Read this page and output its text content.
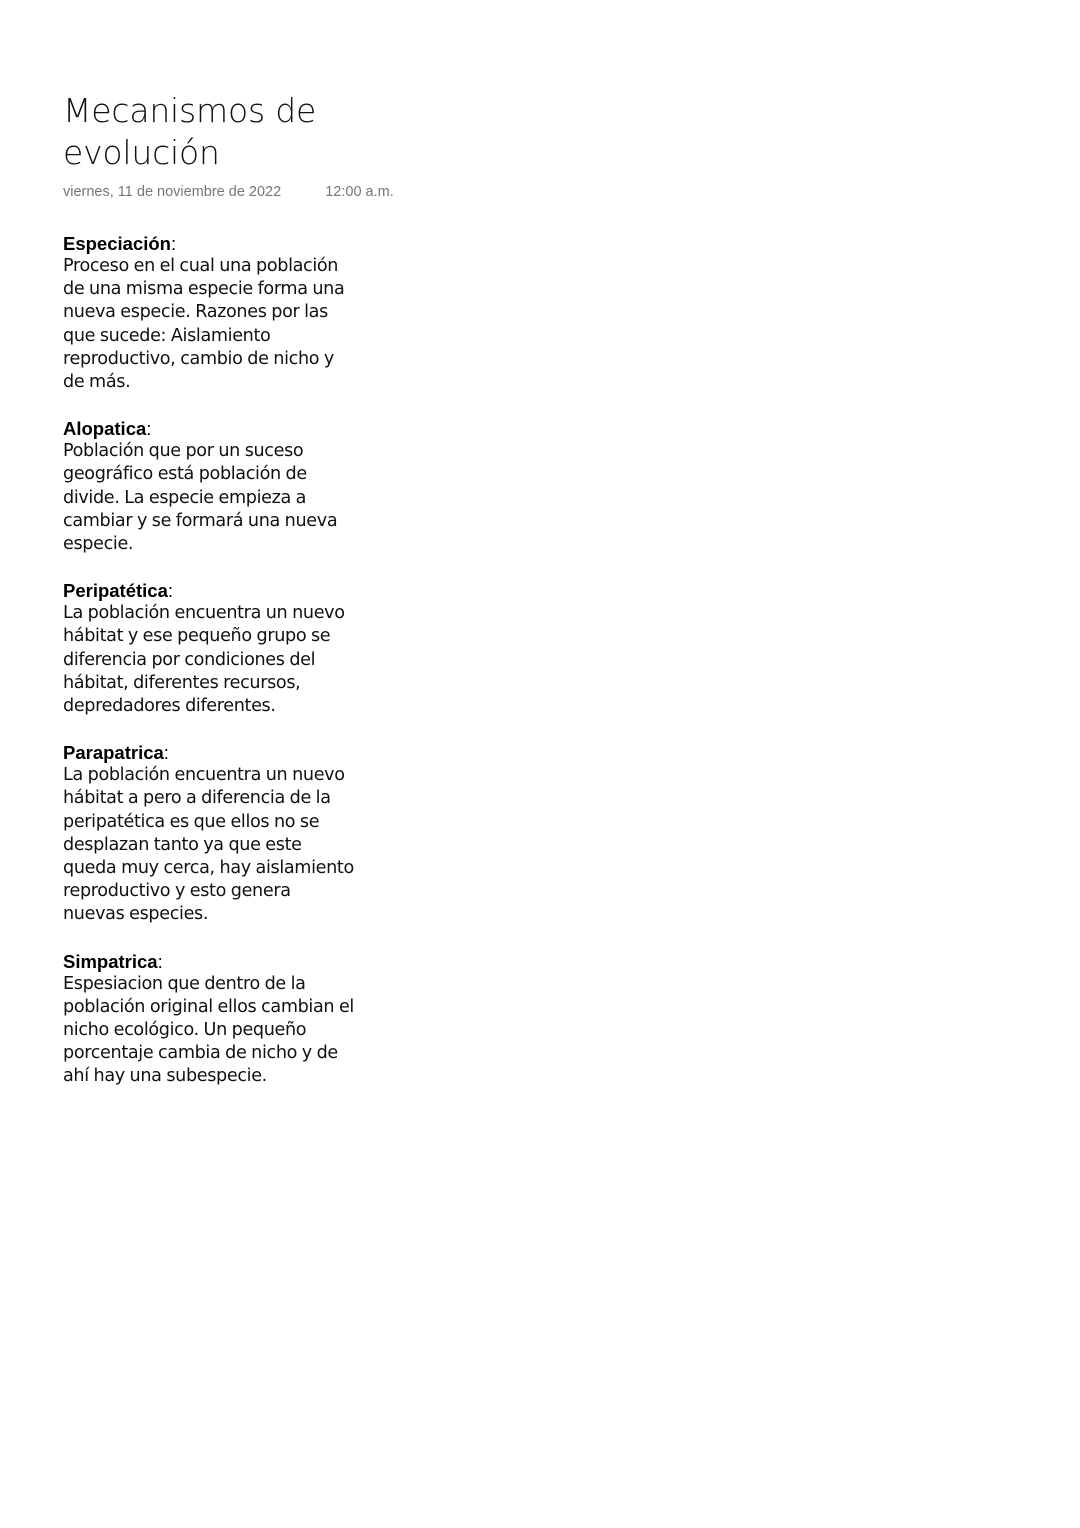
Mecanismos de evolución
viernes, 11 de noviembre de 2022	12:00 a.m.
Especiación:
Proceso en el cual una población de una misma especie forma una nueva especie. Razones por las que sucede: Aislamiento reproductivo, cambio de nicho y de más.
Alopatica:
Población que por un suceso geográfico está población de divide. La especie empieza a cambiar y se formará una nueva especie.
Peripatética:
La población encuentra un nuevo hábitat y ese pequeño grupo se diferencia por condiciones del hábitat, diferentes recursos, depredadores diferentes.
Parapatrica:
La población encuentra un nuevo hábitat a pero a diferencia de la peripatética es que ellos no se desplazan tanto ya que este queda muy cerca, hay aislamiento reproductivo y esto genera nuevas especies.
Simpatrica:
Espesiacion que dentro de la población original ellos cambian el nicho ecológico. Un pequeño porcentaje cambia de nicho y de ahí hay una subespecie.
